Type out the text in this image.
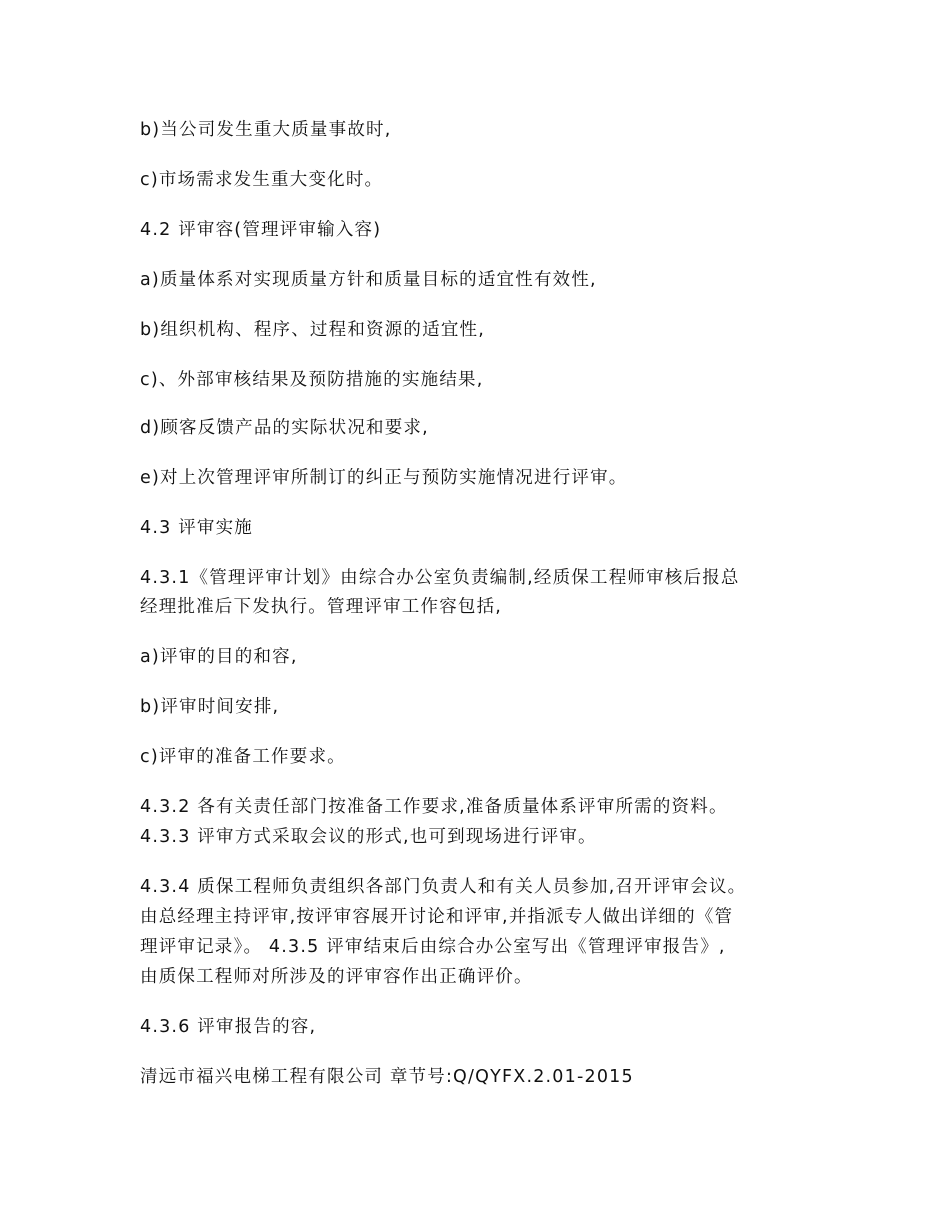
b)当公司发生重大质量事故时,
c)市场需求发生重大变化时。
4.2 评审容(管理评审输入容)
a)质量体系对实现质量方针和质量目标的适宜性有效性,
b)组织机构、程序、过程和资源的适宜性,
c)、外部审核结果及预防措施的实施结果,
d)顾客反馈产品的实际状况和要求,
e)对上次管理评审所制订的纠正与预防实施情况进行评审。
4.3 评审实施
4.3.1《管理评审计划》由综合办公室负责编制,经质保工程师审核后报总
经理批准后下发执行。管理评审工作容包括,
a)评审的目的和容,
b)评审时间安排,
c)评审的准备工作要求。
4.3.2 各有关责任部门按准备工作要求,准备质量体系评审所需的资料。
4.3.3 评审方式采取会议的形式,也可到现场进行评审。
4.3.4 质保工程师负责组织各部门负责人和有关人员参加,召开评审会议。
由总经理主持评审,按评审容展开讨论和评审,并指派专人做出详细的《管
理评审记录》。 4.3.5 评审结束后由综合办公室写出《管理评审报告》,
由质保工程师对所涉及的评审容作出正确评价。
4.3.6 评审报告的容,
清远市福兴电梯工程有限公司 章节号:Q/QYFX.2.01-2015
